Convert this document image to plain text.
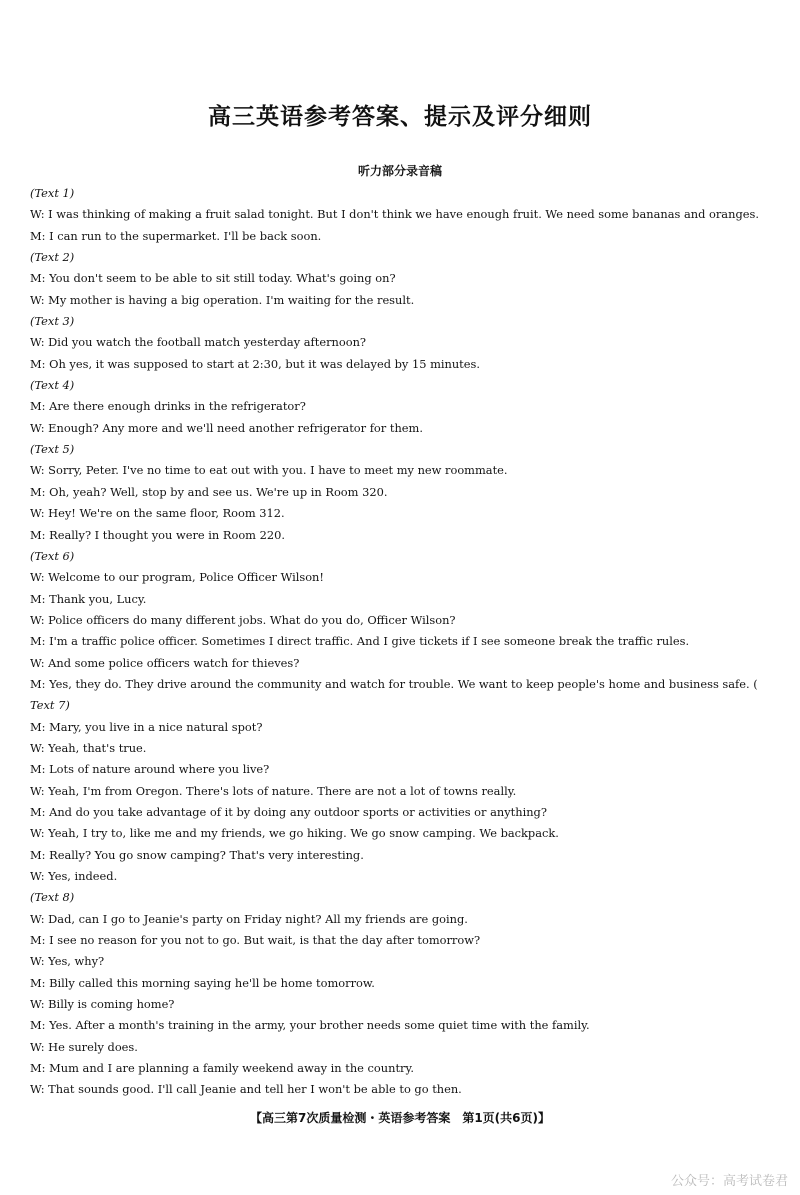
高三英语参考答案、提示及评分细则
听力部分录音稿
(Text 1)
W: I was thinking of making a fruit salad tonight. But I don't think we have enough fruit. We need some bananas and oranges.
M: I can run to the supermarket. I'll be back soon.
(Text 2)
M: You don't seem to be able to sit still today. What's going on?
W: My mother is having a big operation. I'm waiting for the result.
(Text 3)
W: Did you watch the football match yesterday afternoon?
M: Oh yes, it was supposed to start at 2:30, but it was delayed by 15 minutes.
(Text 4)
M: Are there enough drinks in the refrigerator?
W: Enough? Any more and we'll need another refrigerator for them.
(Text 5)
W: Sorry, Peter. I've no time to eat out with you. I have to meet my new roommate.
M: Oh, yeah? Well, stop by and see us. We're up in Room 320.
W: Hey! We're on the same floor, Room 312.
M: Really? I thought you were in Room 220.
(Text 6)
W: Welcome to our program, Police Officer Wilson!
M: Thank you, Lucy.
W: Police officers do many different jobs. What do you do, Officer Wilson?
M: I'm a traffic police officer. Sometimes I direct traffic. And I give tickets if I see someone break the traffic rules.
W: And some police officers watch for thieves?
M: Yes, they do. They drive around the community and watch for trouble. We want to keep people's home and business safe. (
Text 7)
M: Mary, you live in a nice natural spot?
W: Yeah, that's true.
M: Lots of nature around where you live?
W: Yeah, I'm from Oregon. There's lots of nature. There are not a lot of towns really.
M: And do you take advantage of it by doing any outdoor sports or activities or anything?
W: Yeah, I try to, like me and my friends, we go hiking. We go snow camping. We backpack.
M: Really? You go snow camping? That's very interesting.
W: Yes, indeed.
(Text 8)
W: Dad, can I go to Jeanie's party on Friday night? All my friends are going.
M: I see no reason for you not to go. But wait, is that the day after tomorrow?
W: Yes, why?
M: Billy called this morning saying he'll be home tomorrow.
W: Billy is coming home?
M: Yes. After a month's training in the army, your brother needs some quiet time with the family.
W: He surely does.
M: Mum and I are planning a family weekend away in the country.
W: That sounds good. I'll call Jeanie and tell her I won't be able to go then.
【高三第7次质量检测・英语参考答案　第1页(共6页)】
公众号：高考试卷君
